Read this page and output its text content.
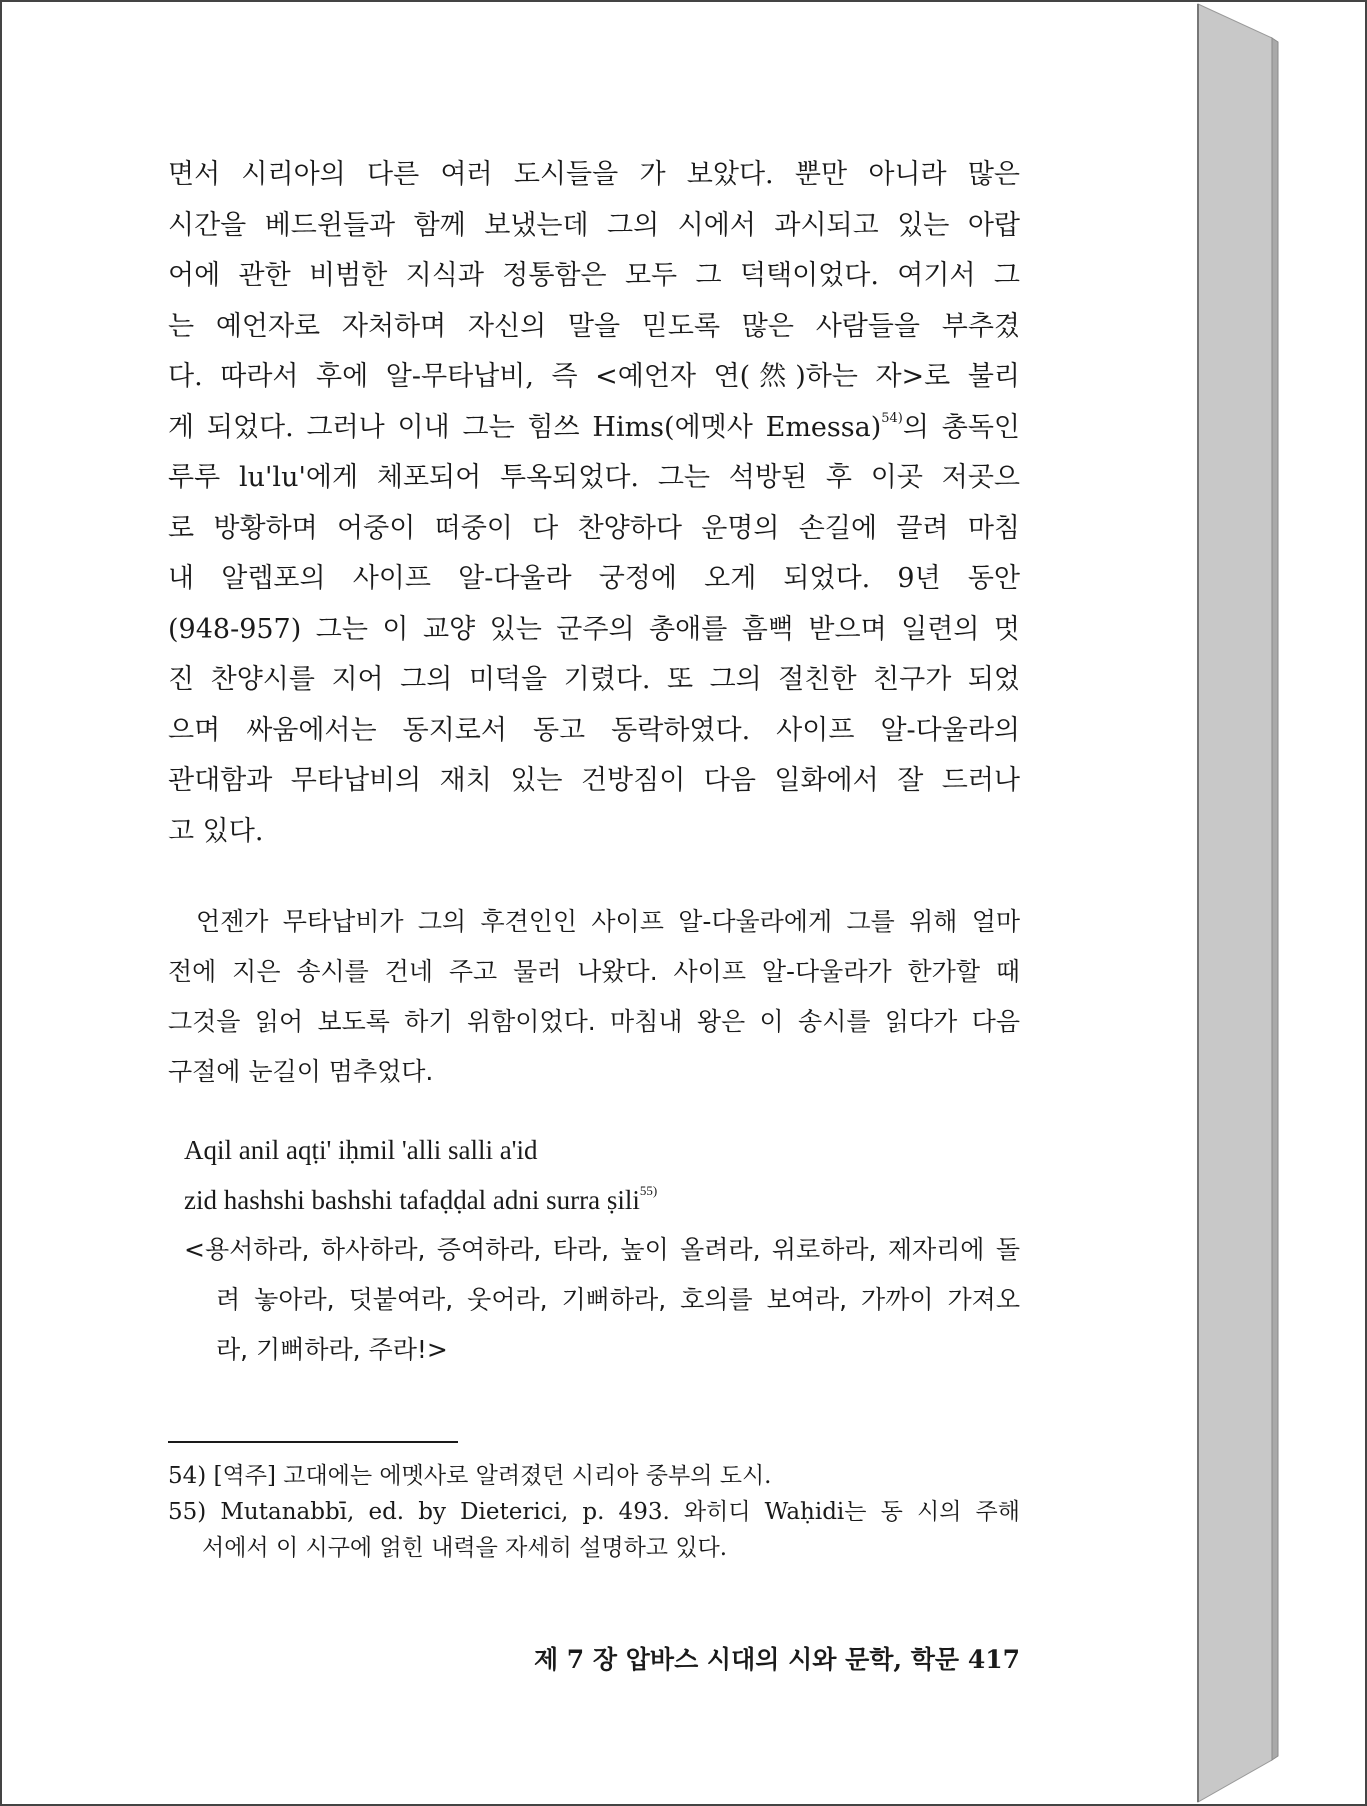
면서 시리아의 다른 여러 도시들을 가 보았다. 뿐만 아니라 많은
시간을 베드윈들과 함께 보냈는데 그의 시에서 과시되고 있는 아랍
어에 관한 비범한 지식과 정통함은 모두 그 덕택이었다. 여기서 그
는 예언자로 자처하며 자신의 말을 믿도록 많은 사람들을 부추겼
다. 따라서 후에 알-무타납비, 즉 <예언자 연(然)하는 자>로 불리
게 되었다. 그러나 이내 그는 힘쓰 Hims(에멧사 Emessa)$^{54)}$의 총독인
루루 lu'lu'에게 체포되어 투옥되었다. 그는 석방된 후 이곳 저곳으
로 방황하며 어중이 떠중이 다 찬양하다 운명의 손길에 끌려 마침
내 알렙포의 사이프 알-다울라 궁정에 오게 되었다. 9년 동안
(948-957) 그는 이 교양 있는 군주의 총애를 흠뻑 받으며 일련의 멋
진 찬양시를 지어 그의 미덕을 기렸다. 또 그의 절친한 친구가 되었
으며 싸움에서는 동지로서 동고 동락하였다. 사이프 알-다울라의
관대함과 무타납비의 재치 있는 건방짐이 다음 일화에서 잘 드러나
고 있다.
언젠가 무타납비가 그의 후견인인 사이프 알-다울라에게 그를 위해 얼마
전에 지은 송시를 건네 주고 물러 나왔다. 사이프 알-다울라가 한가할 때
그것을 읽어 보도록 하기 위함이었다. 마침내 왕은 이 송시를 읽다가 다음
구절에 눈길이 멈추었다.
Aqil anil aqṭi' iḥmil 'alli salli a'id
zid hashshi bashshi tafaḍḍal adni surra ṣili$^{55)}$
<용서하라, 하사하라, 증여하라, 타라, 높이 올려라, 위로하라, 제자리에 돌
려 놓아라, 덧붙여라, 웃어라, 기뻐하라, 호의를 보여라, 가까이 가져오
라, 기뻐하라, 주라!>
54) [역주] 고대에는 에멧사로 알려졌던 시리아 중부의 도시.
55) Mutanabbī, ed. by Dieterici, p. 493. 와히디 Waḥidi는 동 시의 주해
서에서 이 시구에 얽힌 내력을 자세히 설명하고 있다.
제 7 장 압바스 시대의 시와 문학, 학문 417
